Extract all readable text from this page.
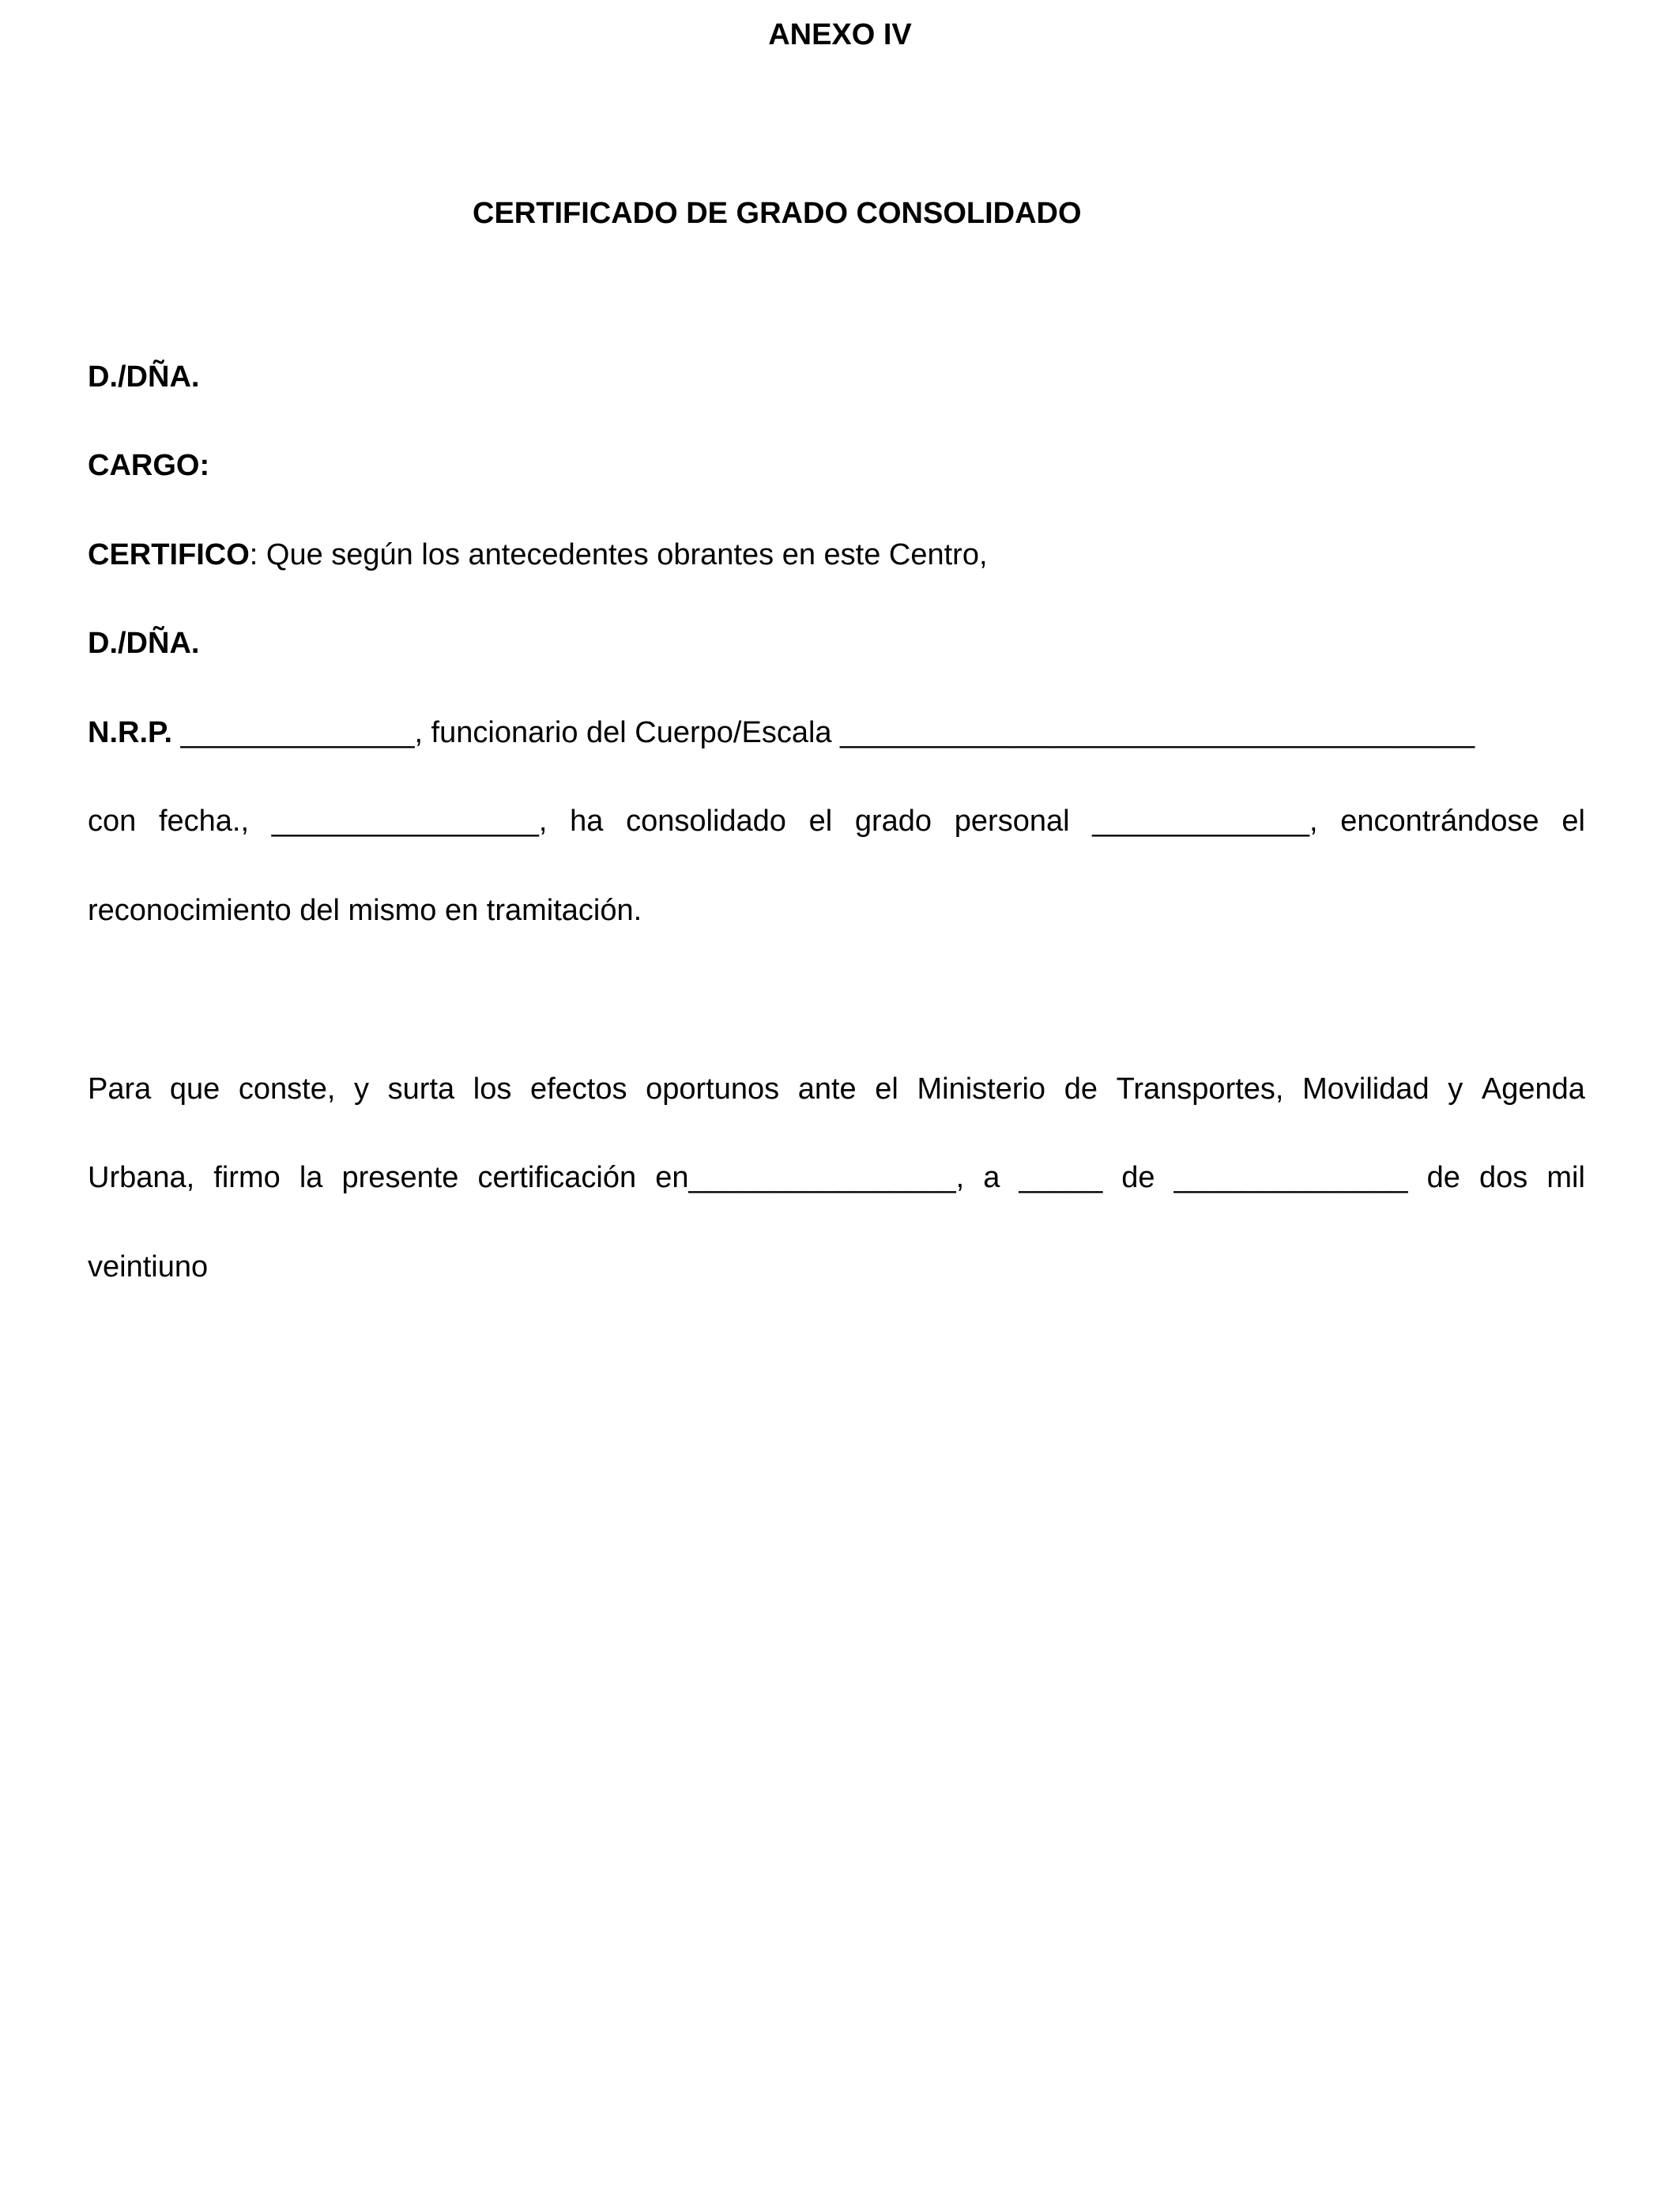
ANEXO IV
CERTIFICADO DE GRADO CONSOLIDADO
D./DÑA.
CARGO:
CERTIFICO: Que según los antecedentes obrantes en este Centro,
D./DÑA.
N.R.P. ______________, funcionario del Cuerpo/Escala ______________________________________
con fecha., ________________, ha consolidado el grado personal _____________, encontrándose el
reconocimiento del mismo en tramitación.
Para que conste, y surta los efectos oportunos ante el Ministerio de Transportes, Movilidad y Agenda
Urbana, firmo la presente certificación en________________, a _____ de ______________ de dos mil
veintiuno
